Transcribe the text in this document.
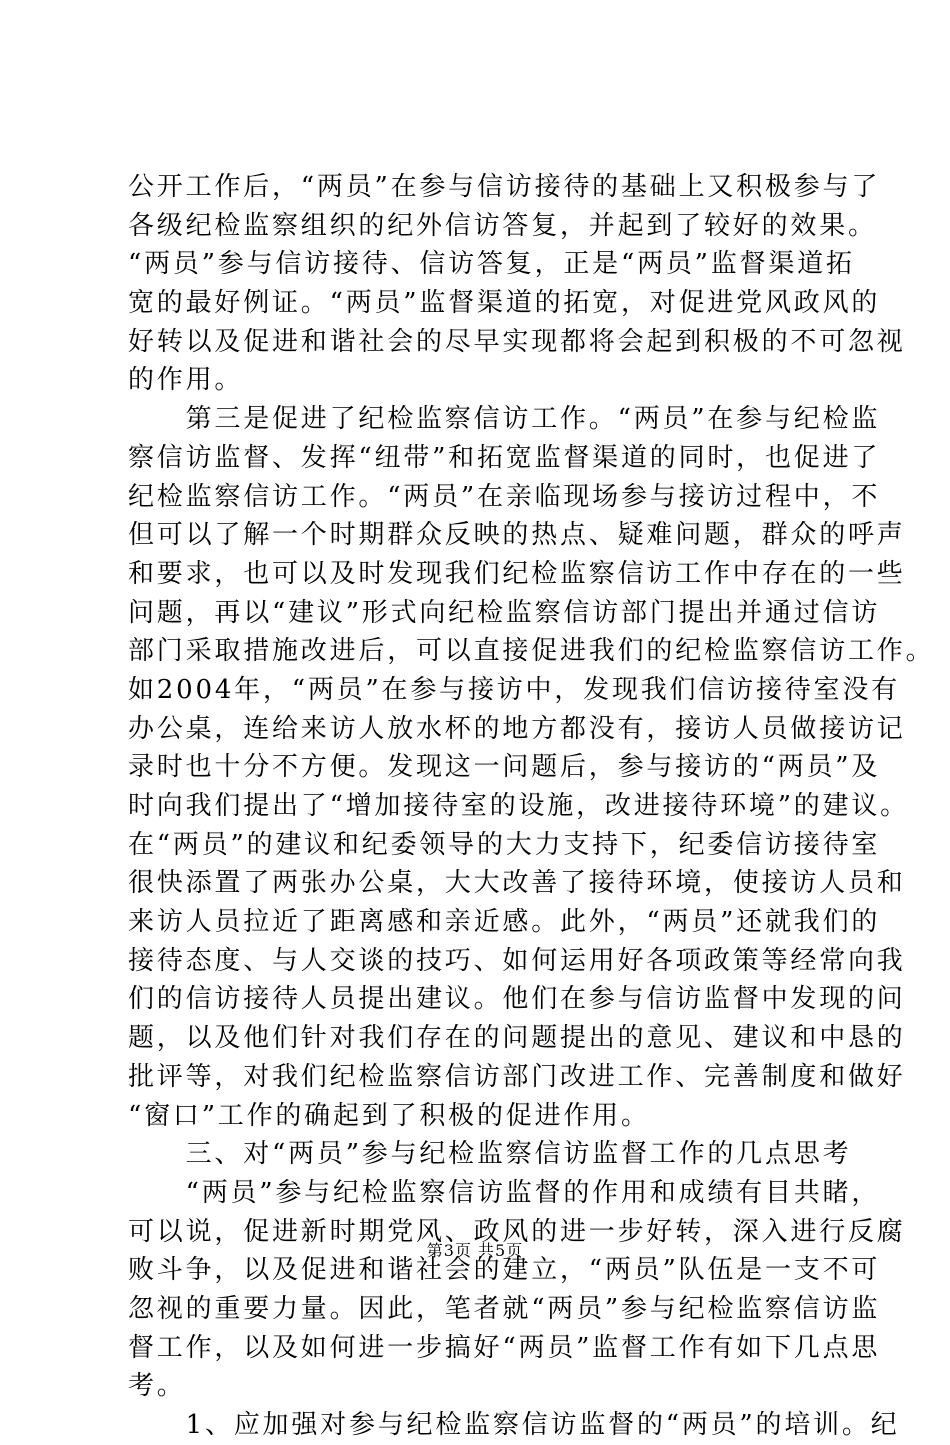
公开工作后，“两员”在参与信访接待的基础上又积极参与了
各级纪检监察组织的纪外信访答复，并起到了较好的效果。
“两员”参与信访接待、信访答复，正是“两员”监督渠道拓
宽的最好例证。“两员”监督渠道的拓宽，对促进党风政风的
好转以及促进和谐社会的尽早实现都将会起到积极的不可忽视
的作用。
　　第三是促进了纪检监察信访工作。“两员”在参与纪检监
察信访监督、发挥“纽带”和拓宽监督渠道的同时，也促进了
纪检监察信访工作。“两员”在亲临现场参与接访过程中，不
但可以了解一个时期群众反映的热点、疑难问题，群众的呼声
和要求，也可以及时发现我们纪检监察信访工作中存在的一些
问题，再以“建议”形式向纪检监察信访部门提出并通过信访
部门采取措施改进后，可以直接促进我们的纪检监察信访工作。
如2004年，“两员”在参与接访中，发现我们信访接待室没有
办公桌，连给来访人放水杯的地方都没有，接访人员做接访记
录时也十分不方便。发现这一问题后，参与接访的“两员”及
时向我们提出了“增加接待室的设施，改进接待环境”的建议。
在“两员”的建议和纪委领导的大力支持下，纪委信访接待室
很快添置了两张办公桌，大大改善了接待环境，使接访人员和
来访人员拉近了距离感和亲近感。此外，“两员”还就我们的
接待态度、与人交谈的技巧、如何运用好各项政策等经常向我
们的信访接待人员提出建议。他们在参与信访监督中发现的问
题，以及他们针对我们存在的问题提出的意见、建议和中恳的
批评等，对我们纪检监察信访部门改进工作、完善制度和做好
“窗口”工作的确起到了积极的促进作用。
　　三、对“两员”参与纪检监察信访监督工作的几点思考
　　“两员”参与纪检监察信访监督的作用和成绩有目共睹，
可以说，促进新时期党风、政风的进一步好转，深入进行反腐
败斗争，以及促进和谐社会的建立，“两员”队伍是一支不可
忽视的重要力量。因此，笔者就“两员”参与纪检监察信访监
督工作，以及如何进一步搞好“两员”监督工作有如下几点思
考。
　　1、应加强对参与纪检监察信访监督的“两员”的培训。纪
第3页 共5页
